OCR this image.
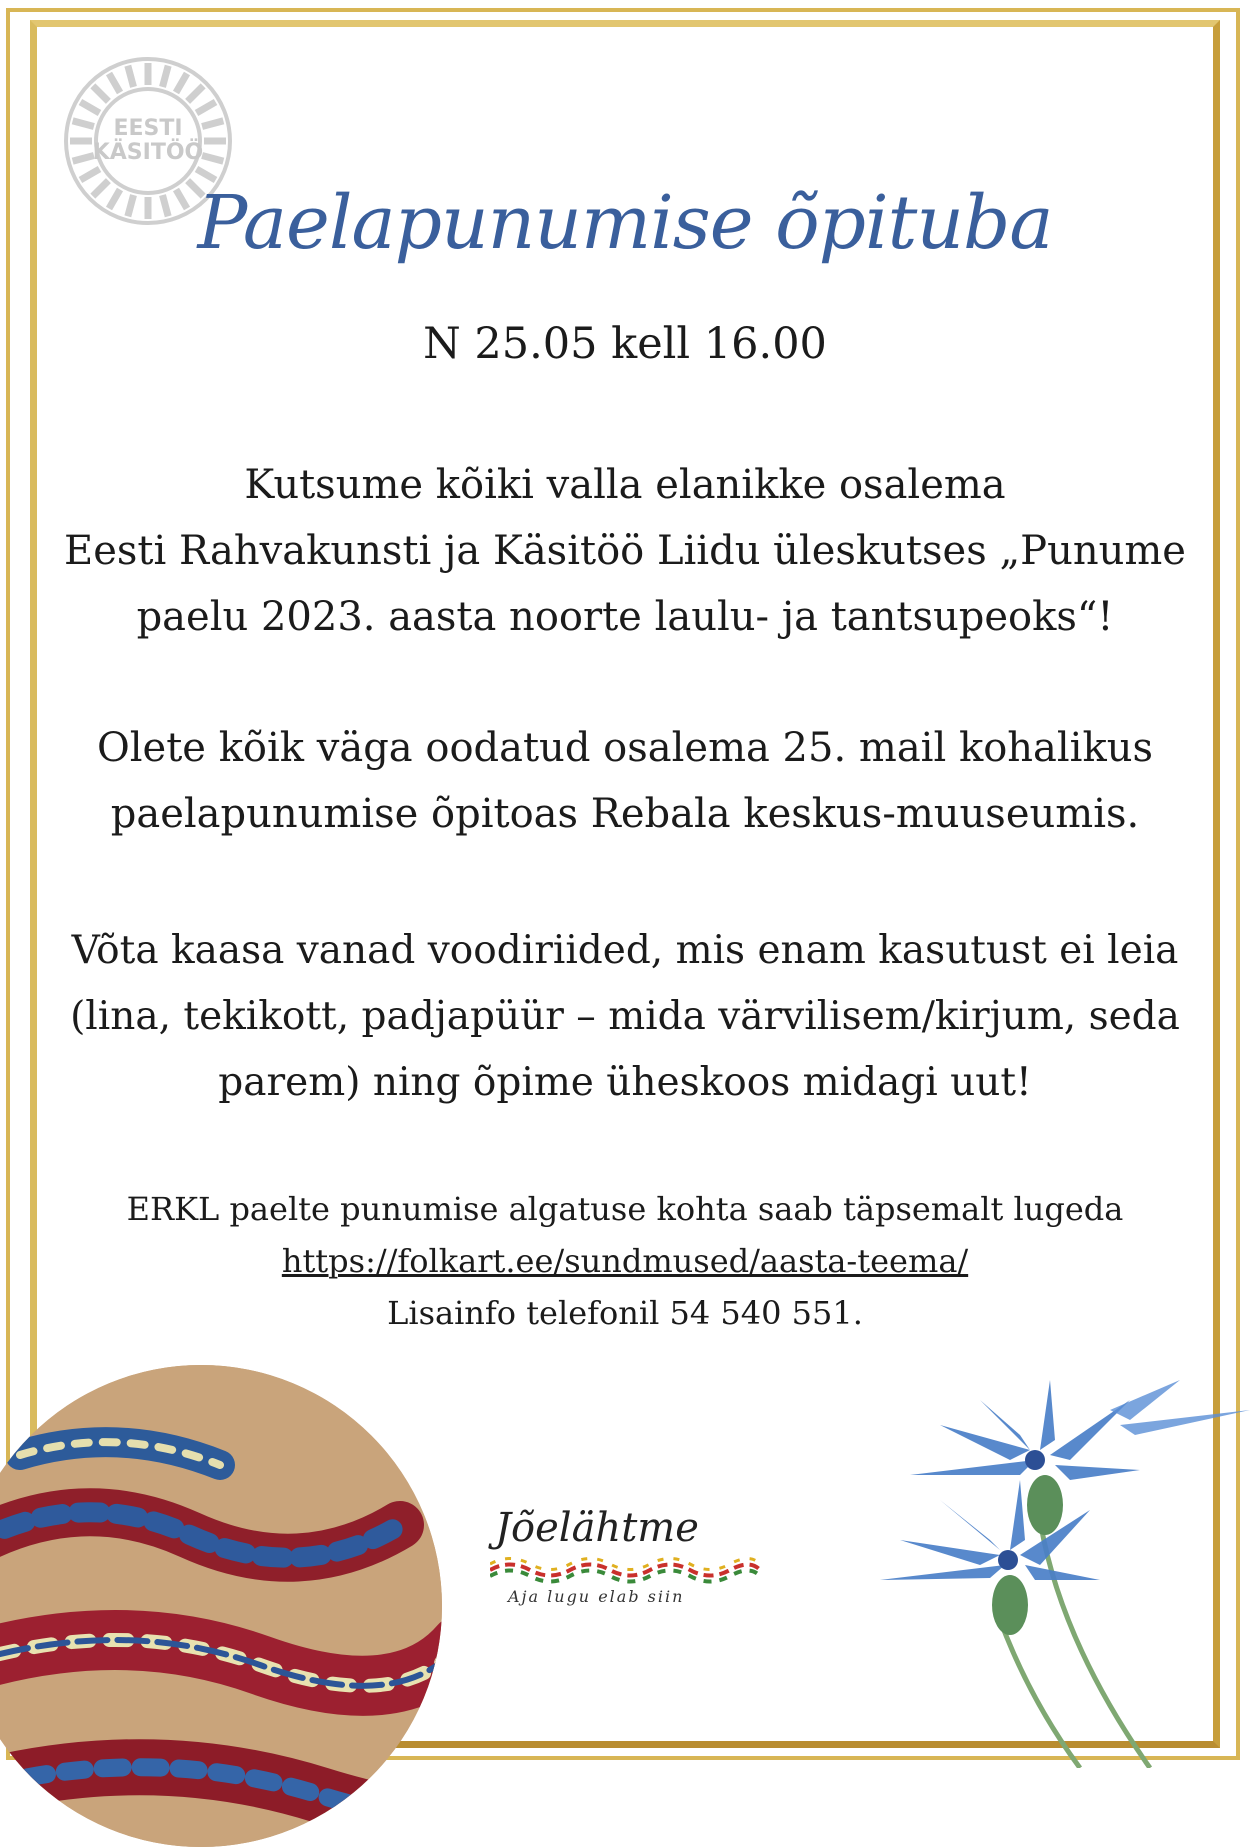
EESTI
KÄSITÖÖ
Paelapunumise õpituba
N 25.05 kell 16.00
Kutsume kõiki valla elanikke osalema
Eesti Rahvakunsti ja Käsitöö Liidu üleskutses „Punume
paelu 2023. aasta noorte laulu- ja tantsupeoks“!
Olete kõik väga oodatud osalema 25. mail kohalikus
paelapunumise õpitoas Rebala keskus-muuseumis.
Võta kaasa vanad voodiriided, mis enam kasutust ei leia
(lina, tekikott, padjapüür – mida värvilisem/kirjum, seda
parem) ning õpime üheskoos midagi uut!
ERKL paelte punumise algatuse kohta saab täpsemalt lugeda
https://folkart.ee/sundmused/aasta-teema/
Lisainfo telefonil 54 540 551.
Jõelähtme
Aja lugu elab siin
